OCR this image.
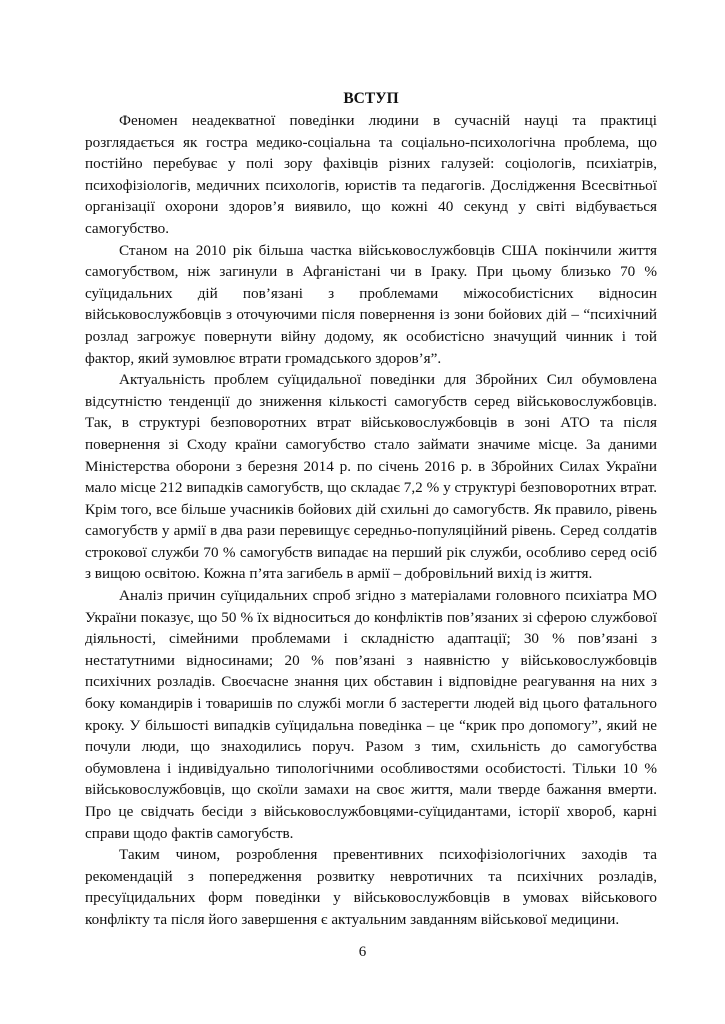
ВСТУП

Феномен неадекватної поведінки людини в сучасній науці та практиці розглядається як гостра медико-соціальна та соціально-психологічна проблема, що постійно перебуває у полі зору фахівців різних галузей: соціологів, психіатрів, психофізіологів, медичних психологів, юристів та педагогів. Дослідження Всесвітньої організації охорони здоров’я виявило, що кожні 40 секунд у світі відбувається самогубство.

Станом на 2010 рік більша частка військовослужбовців США покінчили життя самогубством, ніж загинули в Афганістані чи в Іраку. При цьому близько 70 % суїцидальних дій пов’язані з проблемами міжособистісних відносин військовослужбовців з оточуючими після повернення із зони бойових дій – “психічний розлад загрожує повернути війну додому, як особистісно значущий чинник і той фактор, який зумовлює втрати громадського здоров’я”.

Актуальність проблем суїцидальної поведінки для Збройних Сил обумовлена відсутністю тенденції до зниження кількості самогубств серед військовослужбовців. Так, в структурі безповоротних втрат військовослужбовців в зоні АТО та після повернення зі Сходу країни самогубство стало займати значиме місце. За даними Міністерства оборони з березня 2014 р. по січень 2016 р. в Збройних Силах України мало місце 212 випадків самогубств, що складає 7,2 % у структурі безповоротних втрат. Крім того, все більше учасників бойових дій схильні до самогубств. Як правило, рівень самогубств у армії в два рази перевищує середньо-популяційний рівень. Серед солдатів строкової служби 70 % самогубств випадає на перший рік служби, особливо серед осіб з вищою освітою. Кожна п’ята загибель в армії – добровільний вихід із життя.

Аналіз причин суїцидальних спроб згідно з матеріалами головного психіатра МО України показує, що 50 % їх відноситься до конфліктів пов’язаних зі сферою службової діяльності, сімейними проблемами і складністю адаптації; 30 % пов’язані з нестатутними відносинами; 20 % пов’язані з наявністю у військовослужбовців психічних розладів. Своєчасне знання цих обставин і відповідне реагування на них з боку командирів і товаришів по службі могли б застерегти людей від цього фатального кроку. У більшості випадків суїцидальна поведінка – це “крик про допомогу”, який не почули люди, що знаходились поруч. Разом з тим, схильність до самогубства обумовлена і індивідуально типологічними особливостями особистості. Тільки 10 % військовослужбовців, що скоїли замахи на своє життя, мали тверде бажання вмерти. Про це свідчать бесіди з військовослужбовцями-суїцидантами, історії хвороб, карні справи щодо фактів самогубств.

Таким чином, розроблення превентивних психофізіологічних заходів та рекомендацій з попередження розвитку невротичних та психічних розладів, пресуїцидальних форм поведінки у військовослужбовців в умовах військового конфлікту та після його завершення є актуальним завданням військової медицини.

6
